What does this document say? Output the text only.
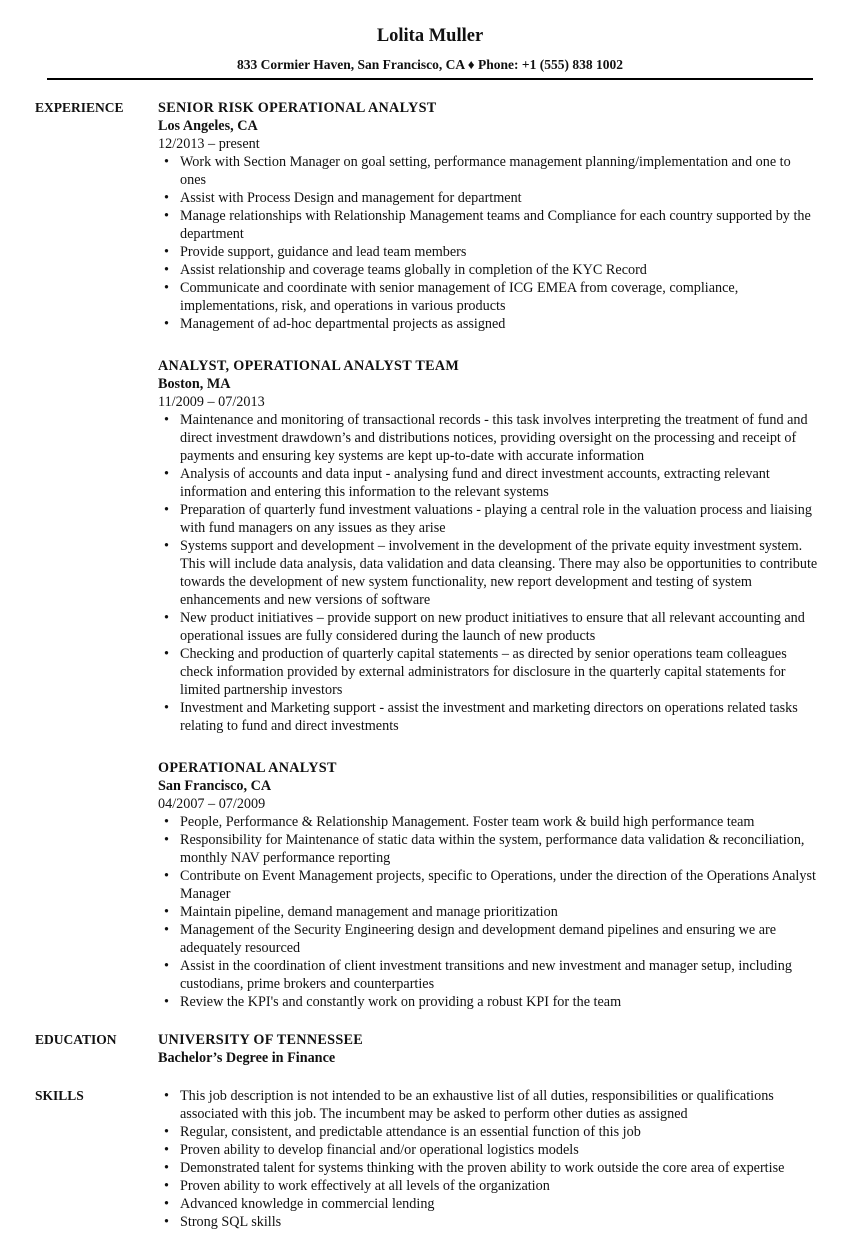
Lolita Muller
833 Cormier Haven, San Francisco, CA ♦ Phone: +1 (555) 838 1002
EXPERIENCE	SENIOR RISK OPERATIONAL ANALYST
Los Angeles, CA
12/2013 – present
• Work with Section Manager on goal setting, performance management planning/implementation and one to ones
• Assist with Process Design and management for department
• Manage relationships with Relationship Management teams and Compliance for each country supported by the department
• Provide support, guidance and lead team members
• Assist relationship and coverage teams globally in completion of the KYC Record
• Communicate and coordinate with senior management of ICG EMEA from coverage, compliance, implementations, risk, and operations in various products
• Management of ad-hoc departmental projects as assigned
ANALYST, OPERATIONAL ANALYST TEAM
Boston, MA
11/2009 – 07/2013
• Maintenance and monitoring of transactional records - this task involves interpreting the treatment of fund and direct investment drawdown’s and distributions notices, providing oversight on the processing and receipt of payments and ensuring key systems are kept up-to-date with accurate information
• Analysis of accounts and data input - analysing fund and direct investment accounts, extracting relevant information and entering this information to the relevant systems
• Preparation of quarterly fund investment valuations - playing a central role in the valuation process and liaising with fund managers on any issues as they arise
• Systems support and development – involvement in the development of the private equity investment system. This will include data analysis, data validation and data cleansing. There may also be opportunities to contribute towards the development of new system functionality, new report development and testing of system enhancements and new versions of software
• New product initiatives – provide support on new product initiatives to ensure that all relevant accounting and operational issues are fully considered during the launch of new products
• Checking and production of quarterly capital statements – as directed by senior operations team colleagues check information provided by external administrators for disclosure in the quarterly capital statements for limited partnership investors
• Investment and Marketing support - assist the investment and marketing directors on operations related tasks relating to fund and direct investments
OPERATIONAL ANALYST
San Francisco, CA
04/2007 – 07/2009
• People, Performance & Relationship Management. Foster team work & build high performance team
• Responsibility for Maintenance of static data within the system, performance data validation & reconciliation, monthly NAV performance reporting
• Contribute on Event Management projects, specific to Operations, under the direction of the Operations Analyst Manager
• Maintain pipeline, demand management and manage prioritization
• Management of the Security Engineering design and development demand pipelines and ensuring we are adequately resourced
• Assist in the coordination of client investment transitions and new investment and manager setup, including custodians, prime brokers and counterparties
• Review the KPI's and constantly work on providing a robust KPI for the team
EDUCATION	UNIVERSITY OF TENNESSEE
Bachelor’s Degree in Finance
SKILLS
•	This job description is not intended to be an exhaustive list of all duties, responsibilities or qualifications associated with this job. The incumbent may be asked to perform other duties as assigned
• Regular, consistent, and predictable attendance is an essential function of this job
• Proven ability to develop financial and/or operational logistics models
• Demonstrated talent for systems thinking with the proven ability to work outside the core area of expertise
• Proven ability to work effectively at all levels of the organization
• Advanced knowledge in commercial lending
• Strong SQL skills
